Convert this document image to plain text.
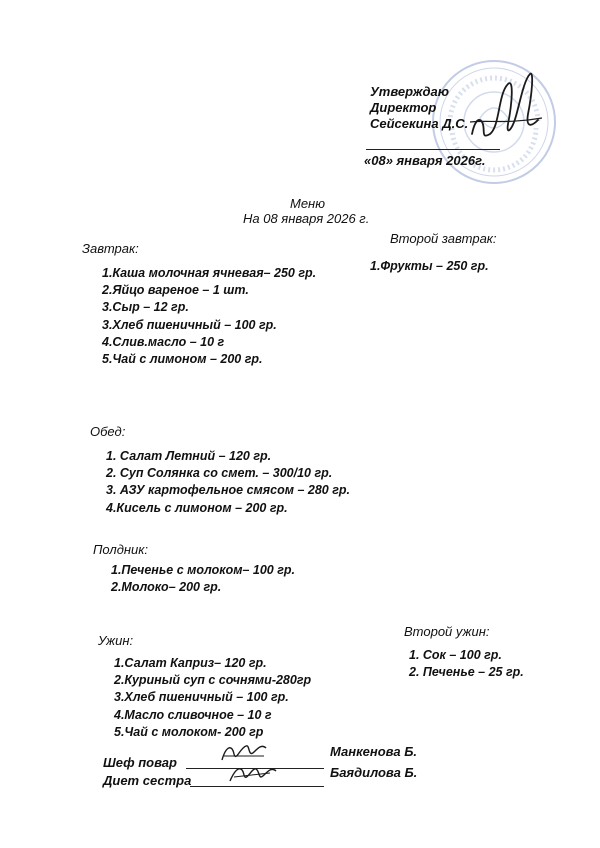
Утверждаю
Директор
Сейсекина Д.С.
«08» января 2026г.
Меню
На 08 января 2026 г.
Завтрак:
1.Каша молочная ячневая– 250 гр.
2.Яйцо вареное – 1 шт.
3.Сыр – 12 гр.
3.Хлеб пшеничный – 100 гр.
4.Слив.масло – 10 г
5.Чай с лимоном – 200 гр.
Второй завтрак:
1.Фрукты – 250 гр.
Обед:
1. Салат Летний – 120 гр.
2. Суп Солянка со смет. – 300/10 гр.
3. АЗУ картофельное смясом – 280 гр.
4.Кисель с лимоном – 200 гр.
Полдник:
1.Печенье с молоком– 100 гр.
2.Молоко– 200 гр.
Ужин:
1.Салат Каприз– 120 гр.
2.Куриный суп с сочнями-280гр
3.Хлеб пшеничный – 100 гр.
4.Масло сливочное – 10 г
5.Чай с молоком- 200 гр
Второй ужин:
1. Сок – 100 гр.
2. Печенье – 25 гр.
Шеф повар
Манкенова Б.
Диет сестра
Баядилова Б.
